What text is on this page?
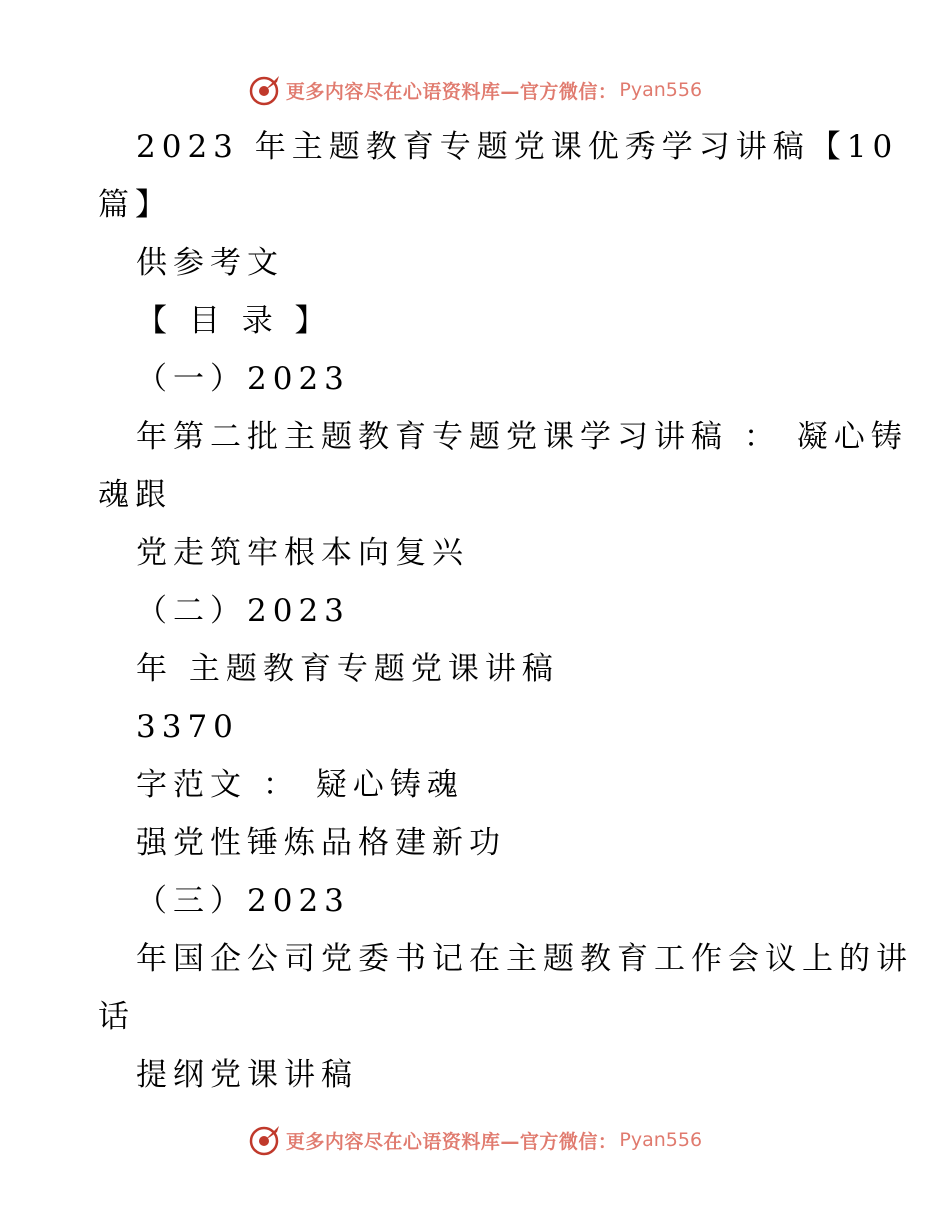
更多内容尽在心语资料库—官方微信： Pyan556
2023 年主题教育专题党课优秀学习讲稿【10
篇】
供参考文
【 目 录 】
（一）2023
年第二批主题教育专题党课学习讲稿 ： 凝心铸
魂跟
党走筑牢根本向复兴
（二）2023
年 主题教育专题党课讲稿
3370
字范文 ： 疑心铸魂
强党性锤炼品格建新功
（三）2023
年国企公司党委书记在主题教育工作会议上的讲
话
提纲党课讲稿
更多内容尽在心语资料库—官方微信： Pyan556
